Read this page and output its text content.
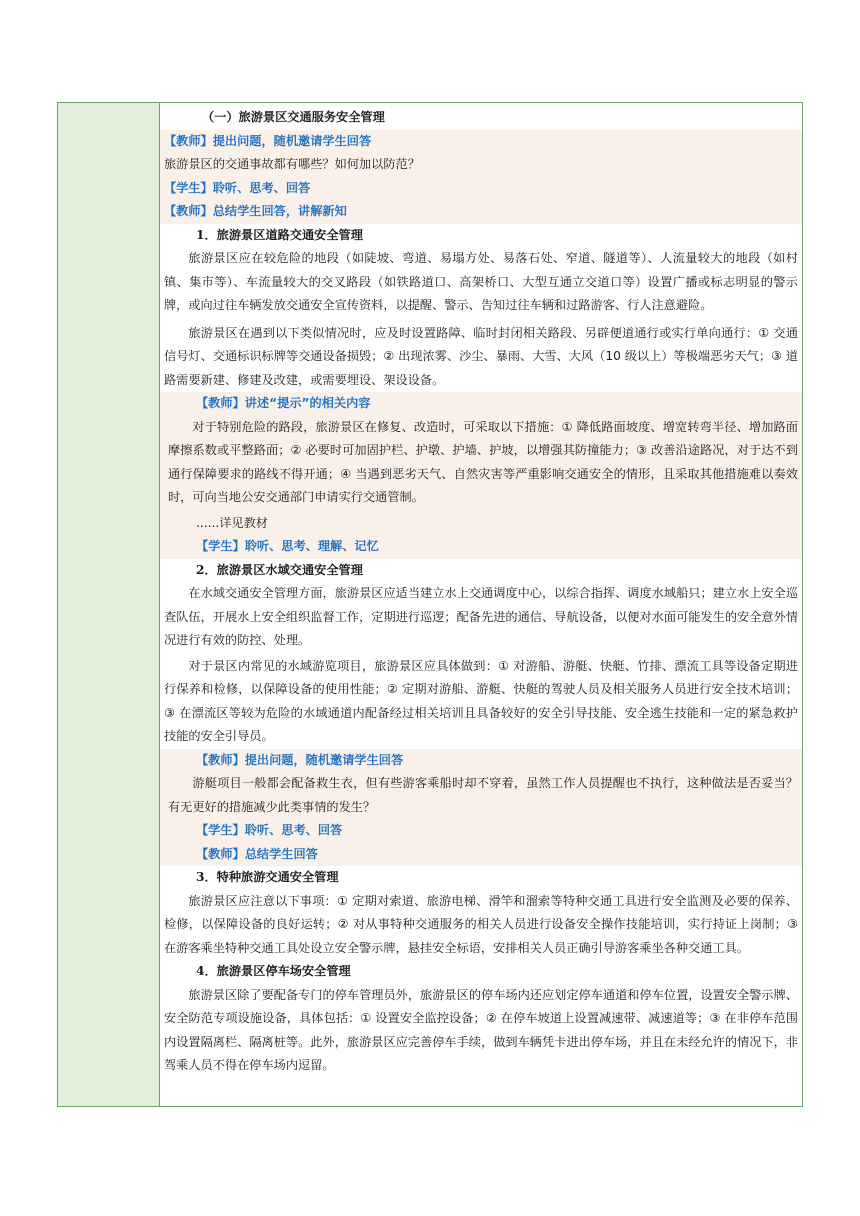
（一）旅游景区交通服务安全管理
【教师】提出问题，随机邀请学生回答
旅游景区的交通事故都有哪些？如何加以防范？
【学生】聆听、思考、回答
【教师】总结学生回答，讲解新知
1．旅游景区道路交通安全管理
旅游景区应在较危险的地段（如陡坡、弯道、易塌方处、易落石处、窄道、隧道等）、人流量较大的地段（如村镇、集市等）、车流量较大的交叉路段（如铁路道口、高架桥口、大型互通立交道口等）设置广播或标志明显的警示牌，或向过往车辆发放交通安全宣传资料，以提醒、警示、告知过往车辆和过路游客、行人注意避险。
旅游景区在遇到以下类似情况时，应及时设置路障、临时封闭相关路段、另辟便道通行或实行单向通行：① 交通信号灯、交通标识标牌等交通设备损毁；② 出现浓雾、沙尘、暴雨、大雪、大风（10 级以上）等极端恶劣天气；③ 道路需要新建、修建及改建，或需要埋设、架设设备。
【教师】讲述“提示”的相关内容
对于特别危险的路段，旅游景区在修复、改造时，可采取以下措施：① 降低路面坡度、增宽转弯半径、增加路面摩擦系数或平整路面；② 必要时可加固护栏、护墩、护墙、护坡，以增强其防撞能力；③ 改善沿途路况，对于达不到通行保障要求的路线不得开通；④ 当遇到恶劣天气、自然灾害等严重影响交通安全的情形，且采取其他措施难以奏效时，可向当地公安交通部门申请实行交通管制。
......详见教材
【学生】聆听、思考、理解、记忆
2．旅游景区水域交通安全管理
在水域交通安全管理方面，旅游景区应适当建立水上交通调度中心，以综合指挥、调度水域船只；建立水上安全巡查队伍，开展水上安全组织监督工作，定期进行巡逻；配备先进的通信、导航设备，以便对水面可能发生的安全意外情况进行有效的防控、处理。
对于景区内常见的水域游览项目，旅游景区应具体做到：① 对游船、游艇、快艇、竹排、漂流工具等设备定期进行保养和检修，以保障设备的使用性能；② 定期对游船、游艇、快艇的驾驶人员及相关服务人员进行安全技术培训；③ 在漂流区等较为危险的水域通道内配备经过相关培训且具备较好的安全引导技能、安全逃生技能和一定的紧急救护技能的安全引导员。
【教师】提出问题，随机邀请学生回答
游艇项目一般都会配备救生衣，但有些游客乘船时却不穿着，虽然工作人员提醒也不执行，这种做法是否妥当？有无更好的措施减少此类事情的发生？
【学生】聆听、思考、回答
【教师】总结学生回答
3．特种旅游交通安全管理
旅游景区应注意以下事项：① 定期对索道、旅游电梯、滑竿和溜索等特种交通工具进行安全监测及必要的保养、检修，以保障设备的良好运转；② 对从事特种交通服务的相关人员进行设备安全操作技能培训，实行持证上岗制；③ 在游客乘坐特种交通工具处设立安全警示牌，悬挂安全标语，安排相关人员正确引导游客乘坐各种交通工具。
4．旅游景区停车场安全管理
旅游景区除了要配备专门的停车管理员外，旅游景区的停车场内还应划定停车通道和停车位置，设置安全警示牌、安全防范专项设施设备，具体包括：① 设置安全监控设备；② 在停车坡道上设置减速带、减速道等；③ 在非停车范围内设置隔离栏、隔离桩等。此外，旅游景区应完善停车手续，做到车辆凭卡进出停车场，并且在未经允许的情况下，非驾乘人员不得在停车场内逗留。
